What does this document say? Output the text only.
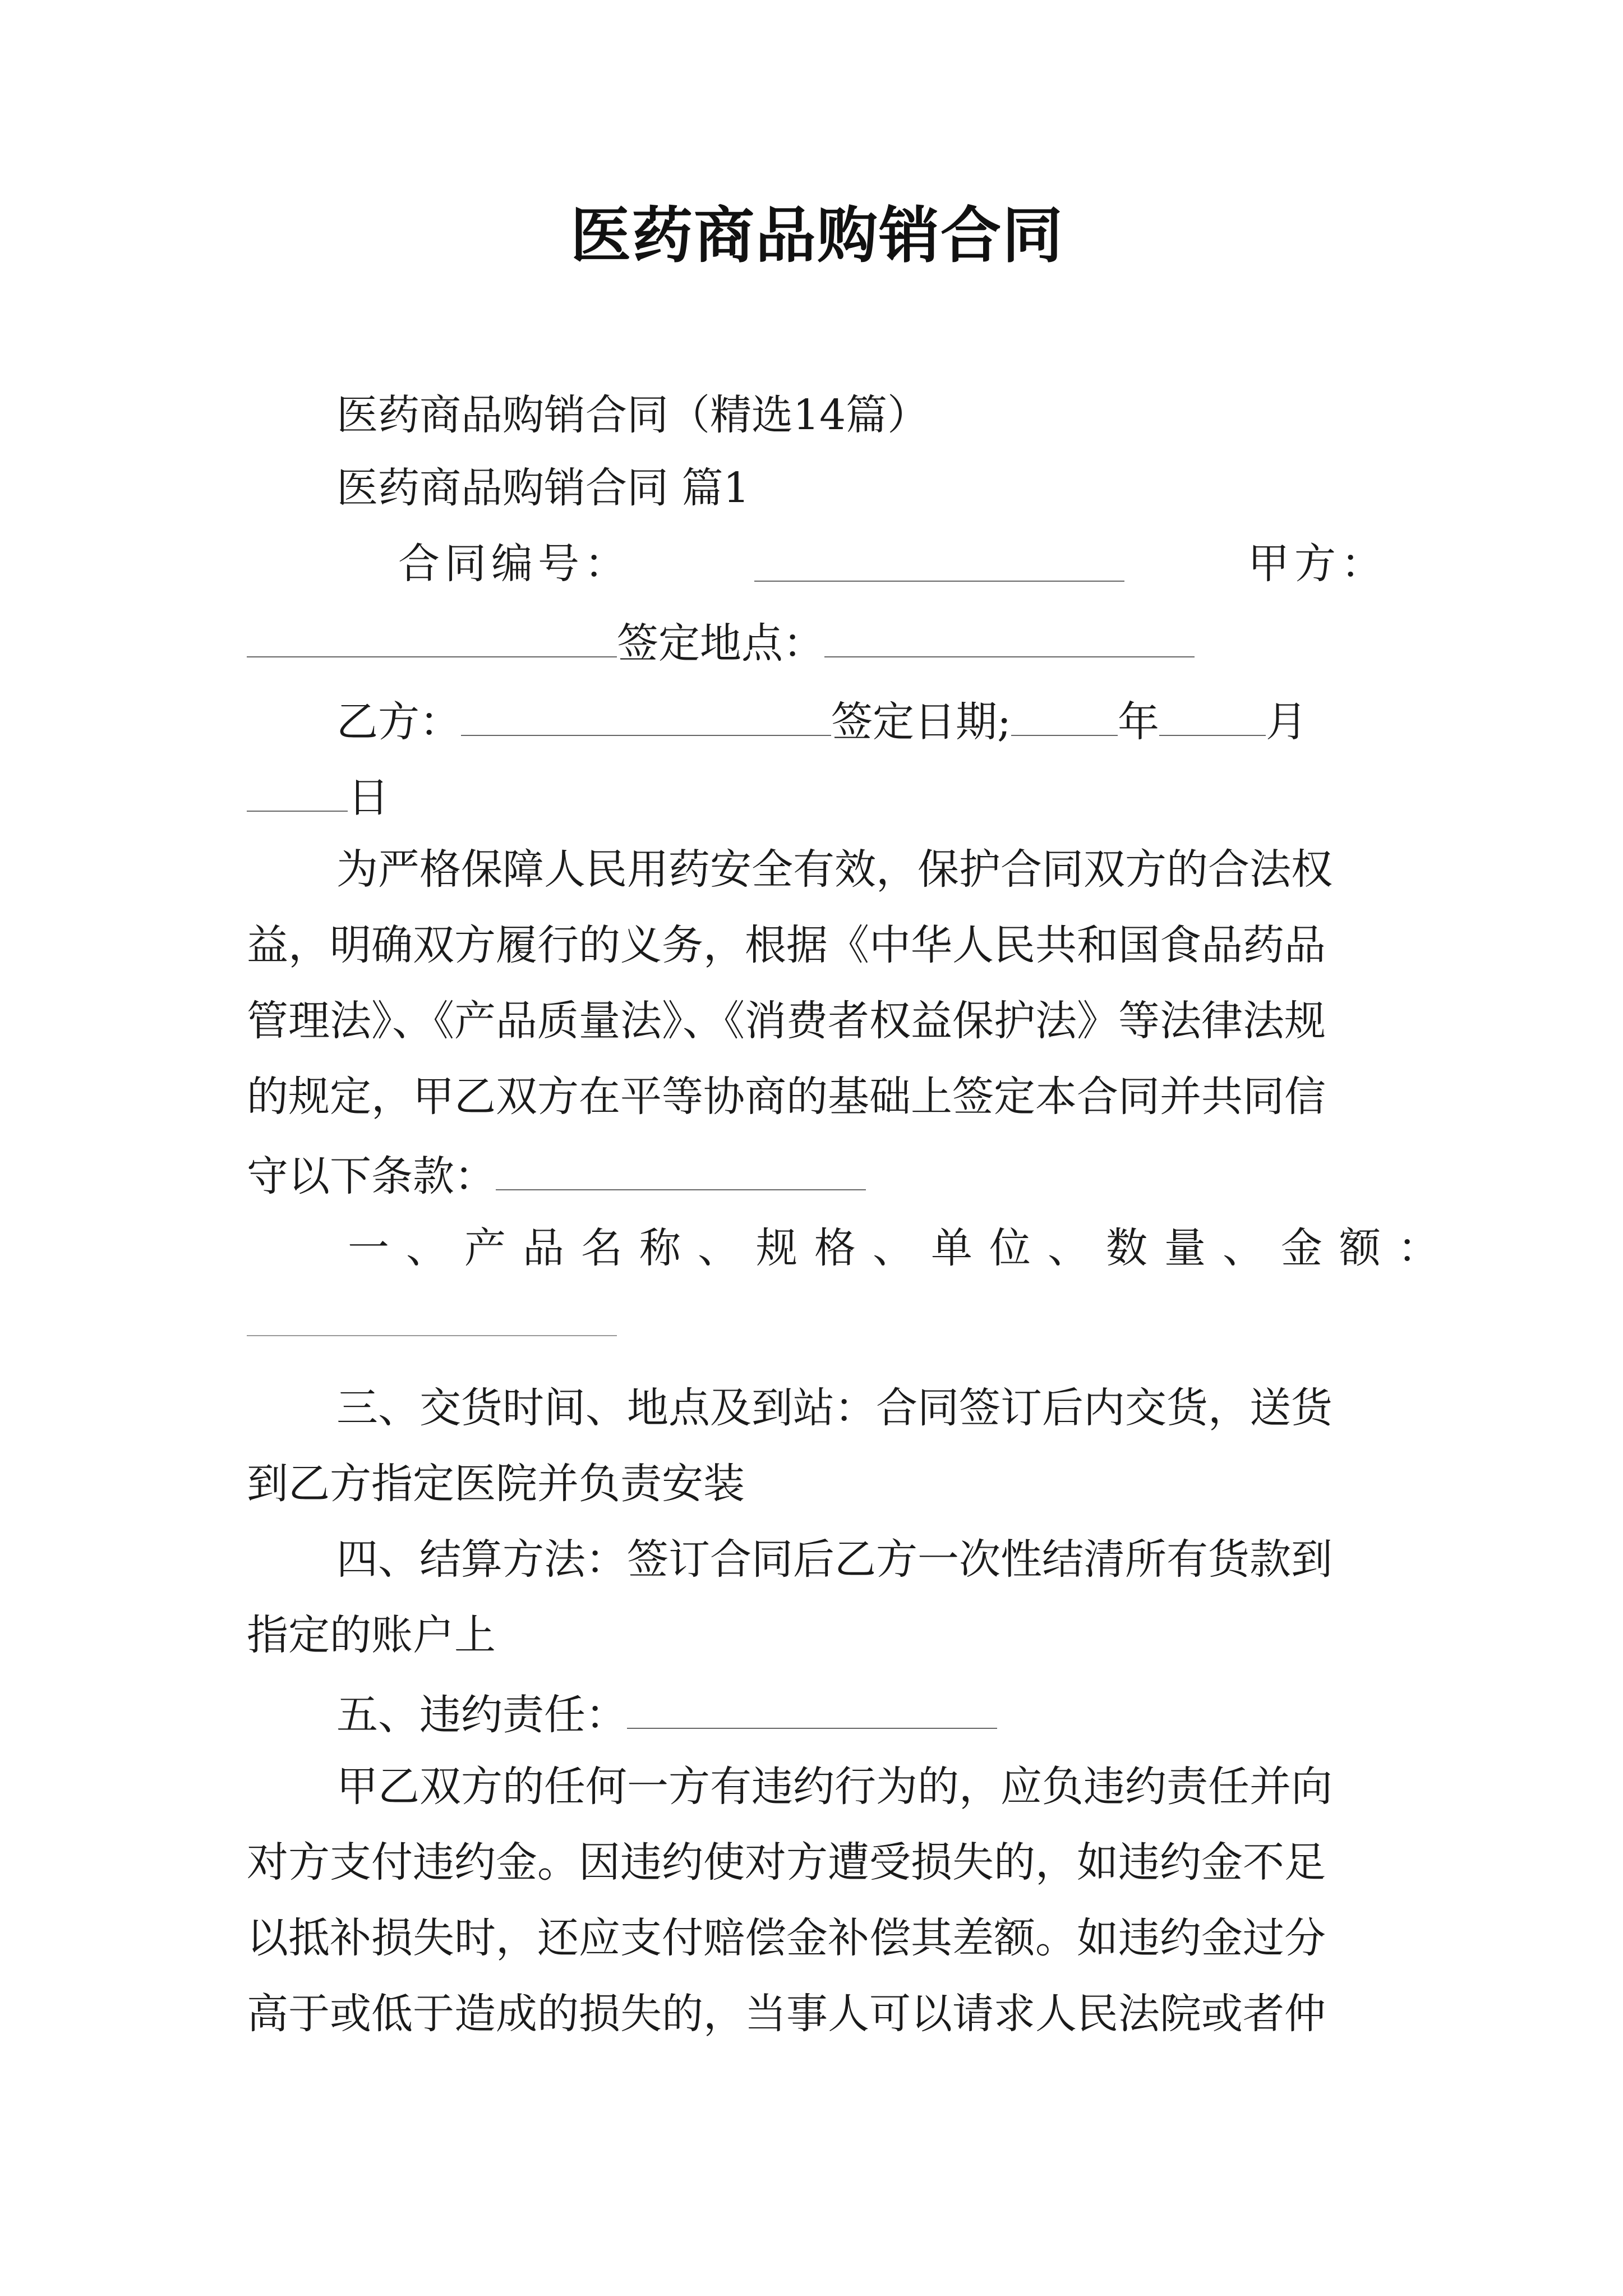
医药商品购销合同
医药商品购销合同（精选14篇）
医药商品购销合同 篇1
合同编号：	甲方：
签定地点：
乙方：	签定日期;	年	月
日
为严格保障人民用药安全有效，保护合同双方的合法权
益，明确双方履行的义务，根据《中华人民共和国食品药品
管理法》、《产品质量法》、《消费者权益保护法》等法律法规
的规定，甲乙双方在平等协商的基础上签定本合同并共同信
守以下条款：
一、产品名称、规格、单位、数量、金额：
三、交货时间、地点及到站：合同签订后内交货，送货
到乙方指定医院并负责安装
四、结算方法：签订合同后乙方一次性结清所有货款到
指定的账户上
五、违约责任：
甲乙双方的任何一方有违约行为的，应负违约责任并向
对方支付违约金。因违约使对方遭受损失的，如违约金不足
以抵补损失时，还应支付赔偿金补偿其差额。如违约金过分
高于或低于造成的损失的，当事人可以请求人民法院或者仲
